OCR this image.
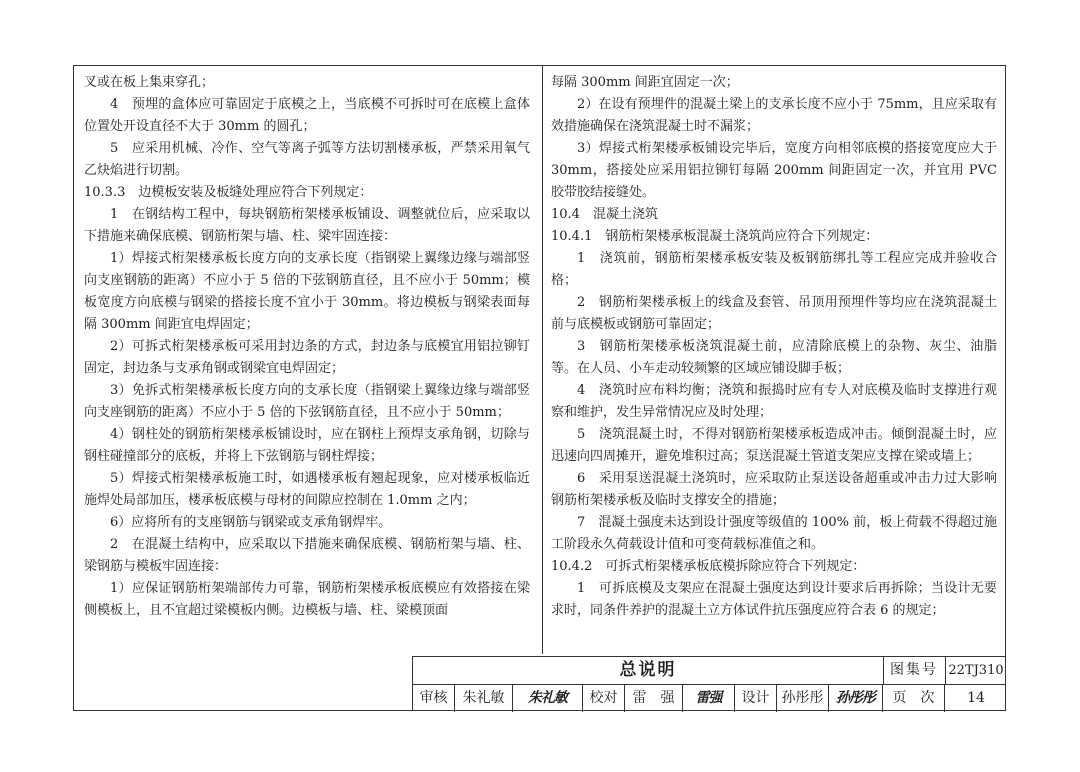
叉或在板上集束穿孔；

4　预埋的盒体应可靠固定于底模之上，当底模不可拆时可在底模上盒体位置处开设直径不大于 30mm 的圆孔；

5　应采用机械、冷作、空气等离子弧等方法切割楼承板，严禁采用氧气乙炔焰进行切割。

10.3.3　边模板安装及板缝处理应符合下列规定：

1　在钢结构工程中，每块钢筋桁架楼承板铺设、调整就位后，应采取以下措施来确保底模、钢筋桁架与墙、柱、梁牢固连接：

1）焊接式桁架楼承板长度方向的支承长度（指钢梁上翼缘边缘与端部竖向支座钢筋的距离）不应小于 5 倍的下弦钢筋直径，且不应小于 50mm；模板宽度方向底模与钢梁的搭接长度不宜小于 30mm。将边模板与钢梁表面每隔 300mm 间距宜电焊固定；

2）可拆式桁架楼承板可采用封边条的方式，封边条与底模宜用铝拉铆钉固定，封边条与支承角钢或钢梁宜电焊固定；

3）免拆式桁架楼承板长度方向的支承长度（指钢梁上翼缘边缘与端部竖向支座钢筋的距离）不应小于 5 倍的下弦钢筋直径，且不应小于 50mm；

4）钢柱处的钢筋桁架楼承板铺设时，应在钢柱上预焊支承角钢，切除与钢柱碰撞部分的底板，并将上下弦钢筋与钢柱焊接；

5）焊接式桁架楼承板施工时，如遇楼承板有翘起现象，应对楼承板临近施焊处局部加压，楼承板底模与母材的间隙应控制在 1.0mm 之内；

6）应将所有的支座钢筋与钢梁或支承角钢焊牢。

2　在混凝土结构中，应采取以下措施来确保底模、钢筋桁架与墙、柱、梁钢筋与模板牢固连接：

1）应保证钢筋桁架端部传力可靠，钢筋桁架楼承板底模应有效搭接在梁侧模板上，且不宜超过梁模板内侧。边模板与墙、柱、梁模顶面

每隔 300mm 间距宜固定一次；

2）在设有预埋件的混凝土梁上的支承长度不应小于 75mm，且应采取有效措施确保在浇筑混凝土时不漏浆；

3）焊接式桁架楼承板铺设完毕后，宽度方向相邻底模的搭接宽度应大于 30mm，搭接处应采用铝拉铆钉每隔 200mm 间距固定一次，并宜用 PVC 胶带胶结接缝处。

10.4　混凝土浇筑

10.4.1　钢筋桁架楼承板混凝土浇筑尚应符合下列规定：

1　浇筑前，钢筋桁架楼承板安装及板钢筋绑扎等工程应完成并验收合格；

2　钢筋桁架楼承板上的线盒及套管、吊顶用预埋件等均应在浇筑混凝土前与底模板或钢筋可靠固定；

3　钢筋桁架楼承板浇筑混凝土前，应清除底模上的杂物、灰尘、油脂等。在人员、小车走动较频繁的区域应铺设脚手板；

4　浇筑时应布料均衡；浇筑和振捣时应有专人对底模及临时支撑进行观察和维护，发生异常情况应及时处理；

5　浇筑混凝土时，不得对钢筋桁架楼承板造成冲击。倾倒混凝土时，应迅速向四周摊开，避免堆积过高；泵送混凝土管道支架应支撑在梁或墙上；

6　采用泵送混凝土浇筑时，应采取防止泵送设备超重或冲击力过大影响钢筋桁架楼承板及临时支撑安全的措施；

7　混凝土强度未达到设计强度等级值的 100% 前，板上荷载不得超过施工阶段永久荷载设计值和可变荷载标准值之和。

10.4.2　可拆式桁架楼承板底模拆除应符合下列规定：

1　可拆底模及支架应在混凝土强度达到设计要求后再拆除；当设计无要求时，同条件养护的混凝土立方体试件抗压强度应符合表 6 的规定；

总说明	图集号 22TJ310
审核	朱礼敏	朱礼敏	校对	雷　强	雷强	设计 孙彤彤 孙彤彤	页　次	14
